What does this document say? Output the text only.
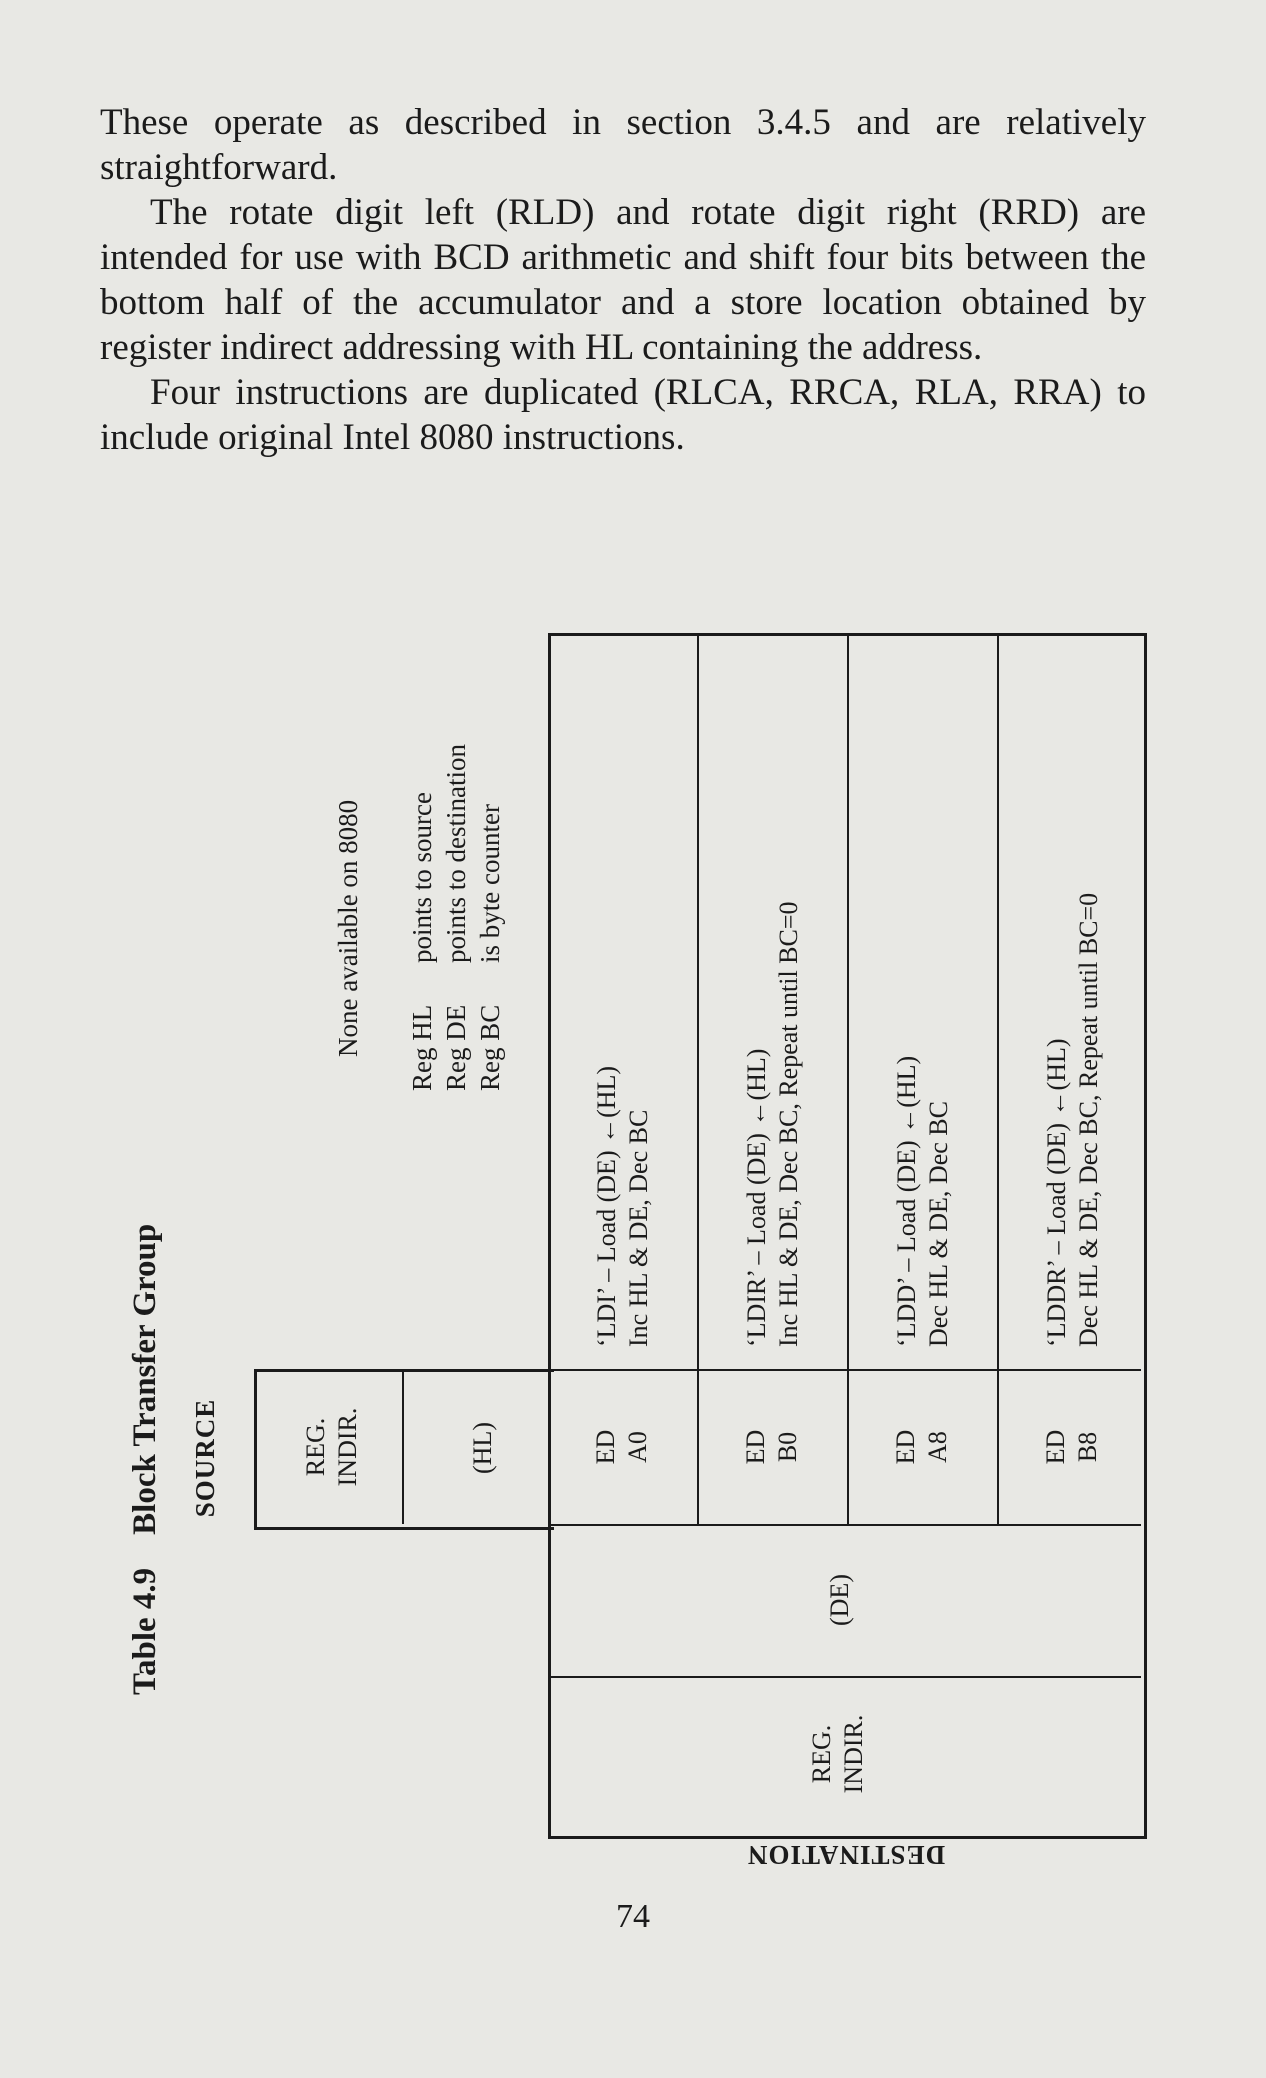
These operate as described in section 3.4.5 and are relatively straightforward.

The rotate digit left (RLD) and rotate digit right (RRD) are intended for use with BCD arithmetic and shift four bits between the bottom half of the accumulator and a store location obtained by register indirect addressing with HL containing the address.

Four instructions are duplicated (RLCA, RRCA, RLA, RRA) to include original Intel 8080 instructions.

Table 4.9    Block Transfer Group SOURCE
None available on 8080 Reg HL Reg DE Reg BC
points to source points to destination is byte counter
REG. INDIR.	(HL)
‘LDI’ – Load (DE) ←(HL) Inc HL & DE, Dec BC
ED A0
‘LDIR’ – Load (DE) ←(HL) Inc HL & DE, Dec BC, Repeat until BC=0
ED B0
‘LDD’ – Load (DE) ←(HL) Dec HL & DE, Dec BC
ED A8
‘LDDR’ – Load (DE) ←(HL) Dec HL & DE, Dec BC, Repeat until BC=0
ED B8
(DE)
REG. INDIR.
DESTINATION
74
